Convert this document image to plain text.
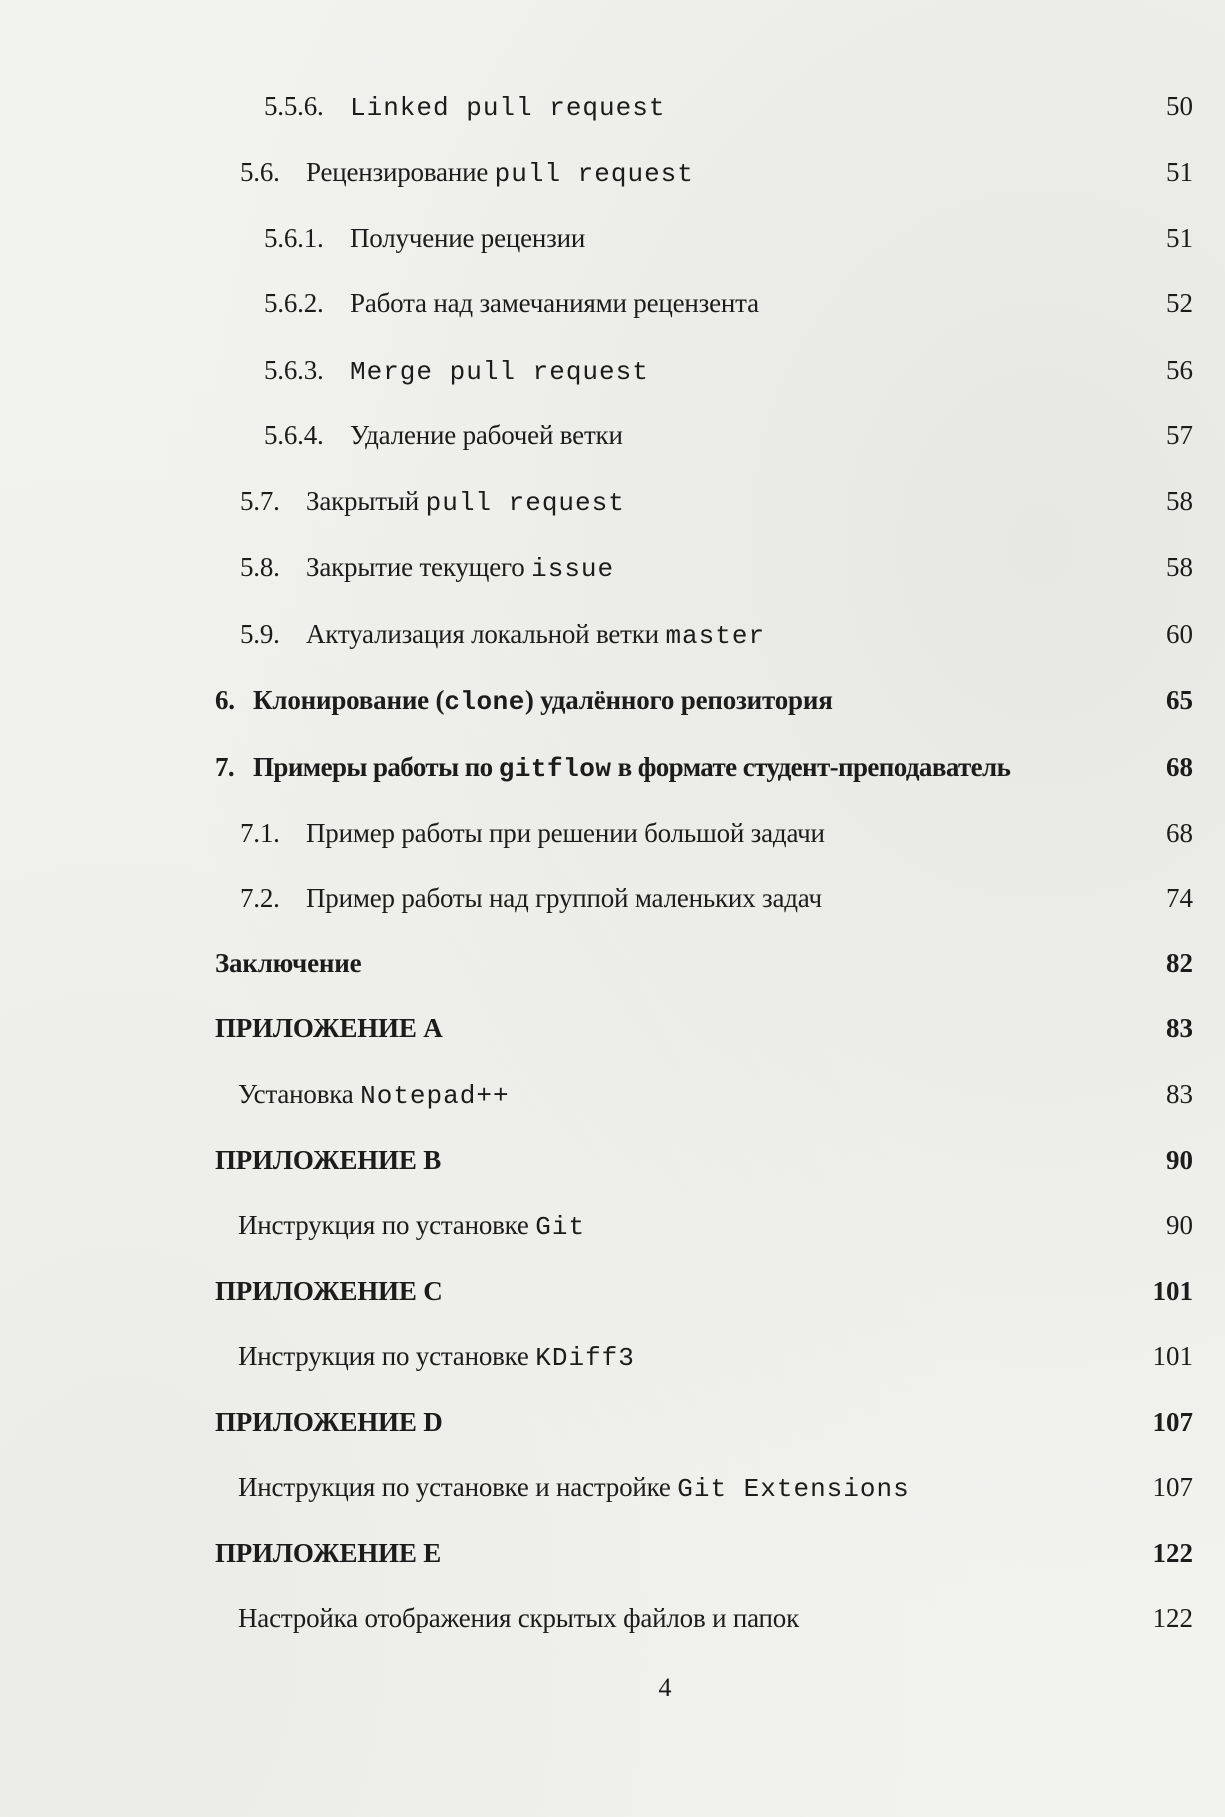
5.5.6. Linked pull request	50
5.6. Рецензирование pull request	51
5.6.1. Получение рецензии	51
5.6.2. Работа над замечаниями рецензента	52
5.6.3. Merge pull request	56
5.6.4. Удаление рабочей ветки	57
5.7. Закрытый pull request	58
5.8. Закрытие текущего issue	58
5.9. Актуализация локальной ветки master	60
6. Клонирование (clone) удалённого репозитория	65
7. Примеры работы по gitflow в формате студент-преподаватель	68
7.1. Пример работы при решении большой задачи	68
7.2. Пример работы над группой маленьких задач	74
Заключение	82
ПРИЛОЖЕНИЕ А	83
Установка Notepad++	83
ПРИЛОЖЕНИЕ В	90
Инструкция по установке Git	90
ПРИЛОЖЕНИЕ С	101
Инструкция по установке KDiff3	101
ПРИЛОЖЕНИЕ D	107
Инструкция по установке и настройке Git Extensions	107
ПРИЛОЖЕНИЕ Е	122
Настройка отображения скрытых файлов и папок	122
4
